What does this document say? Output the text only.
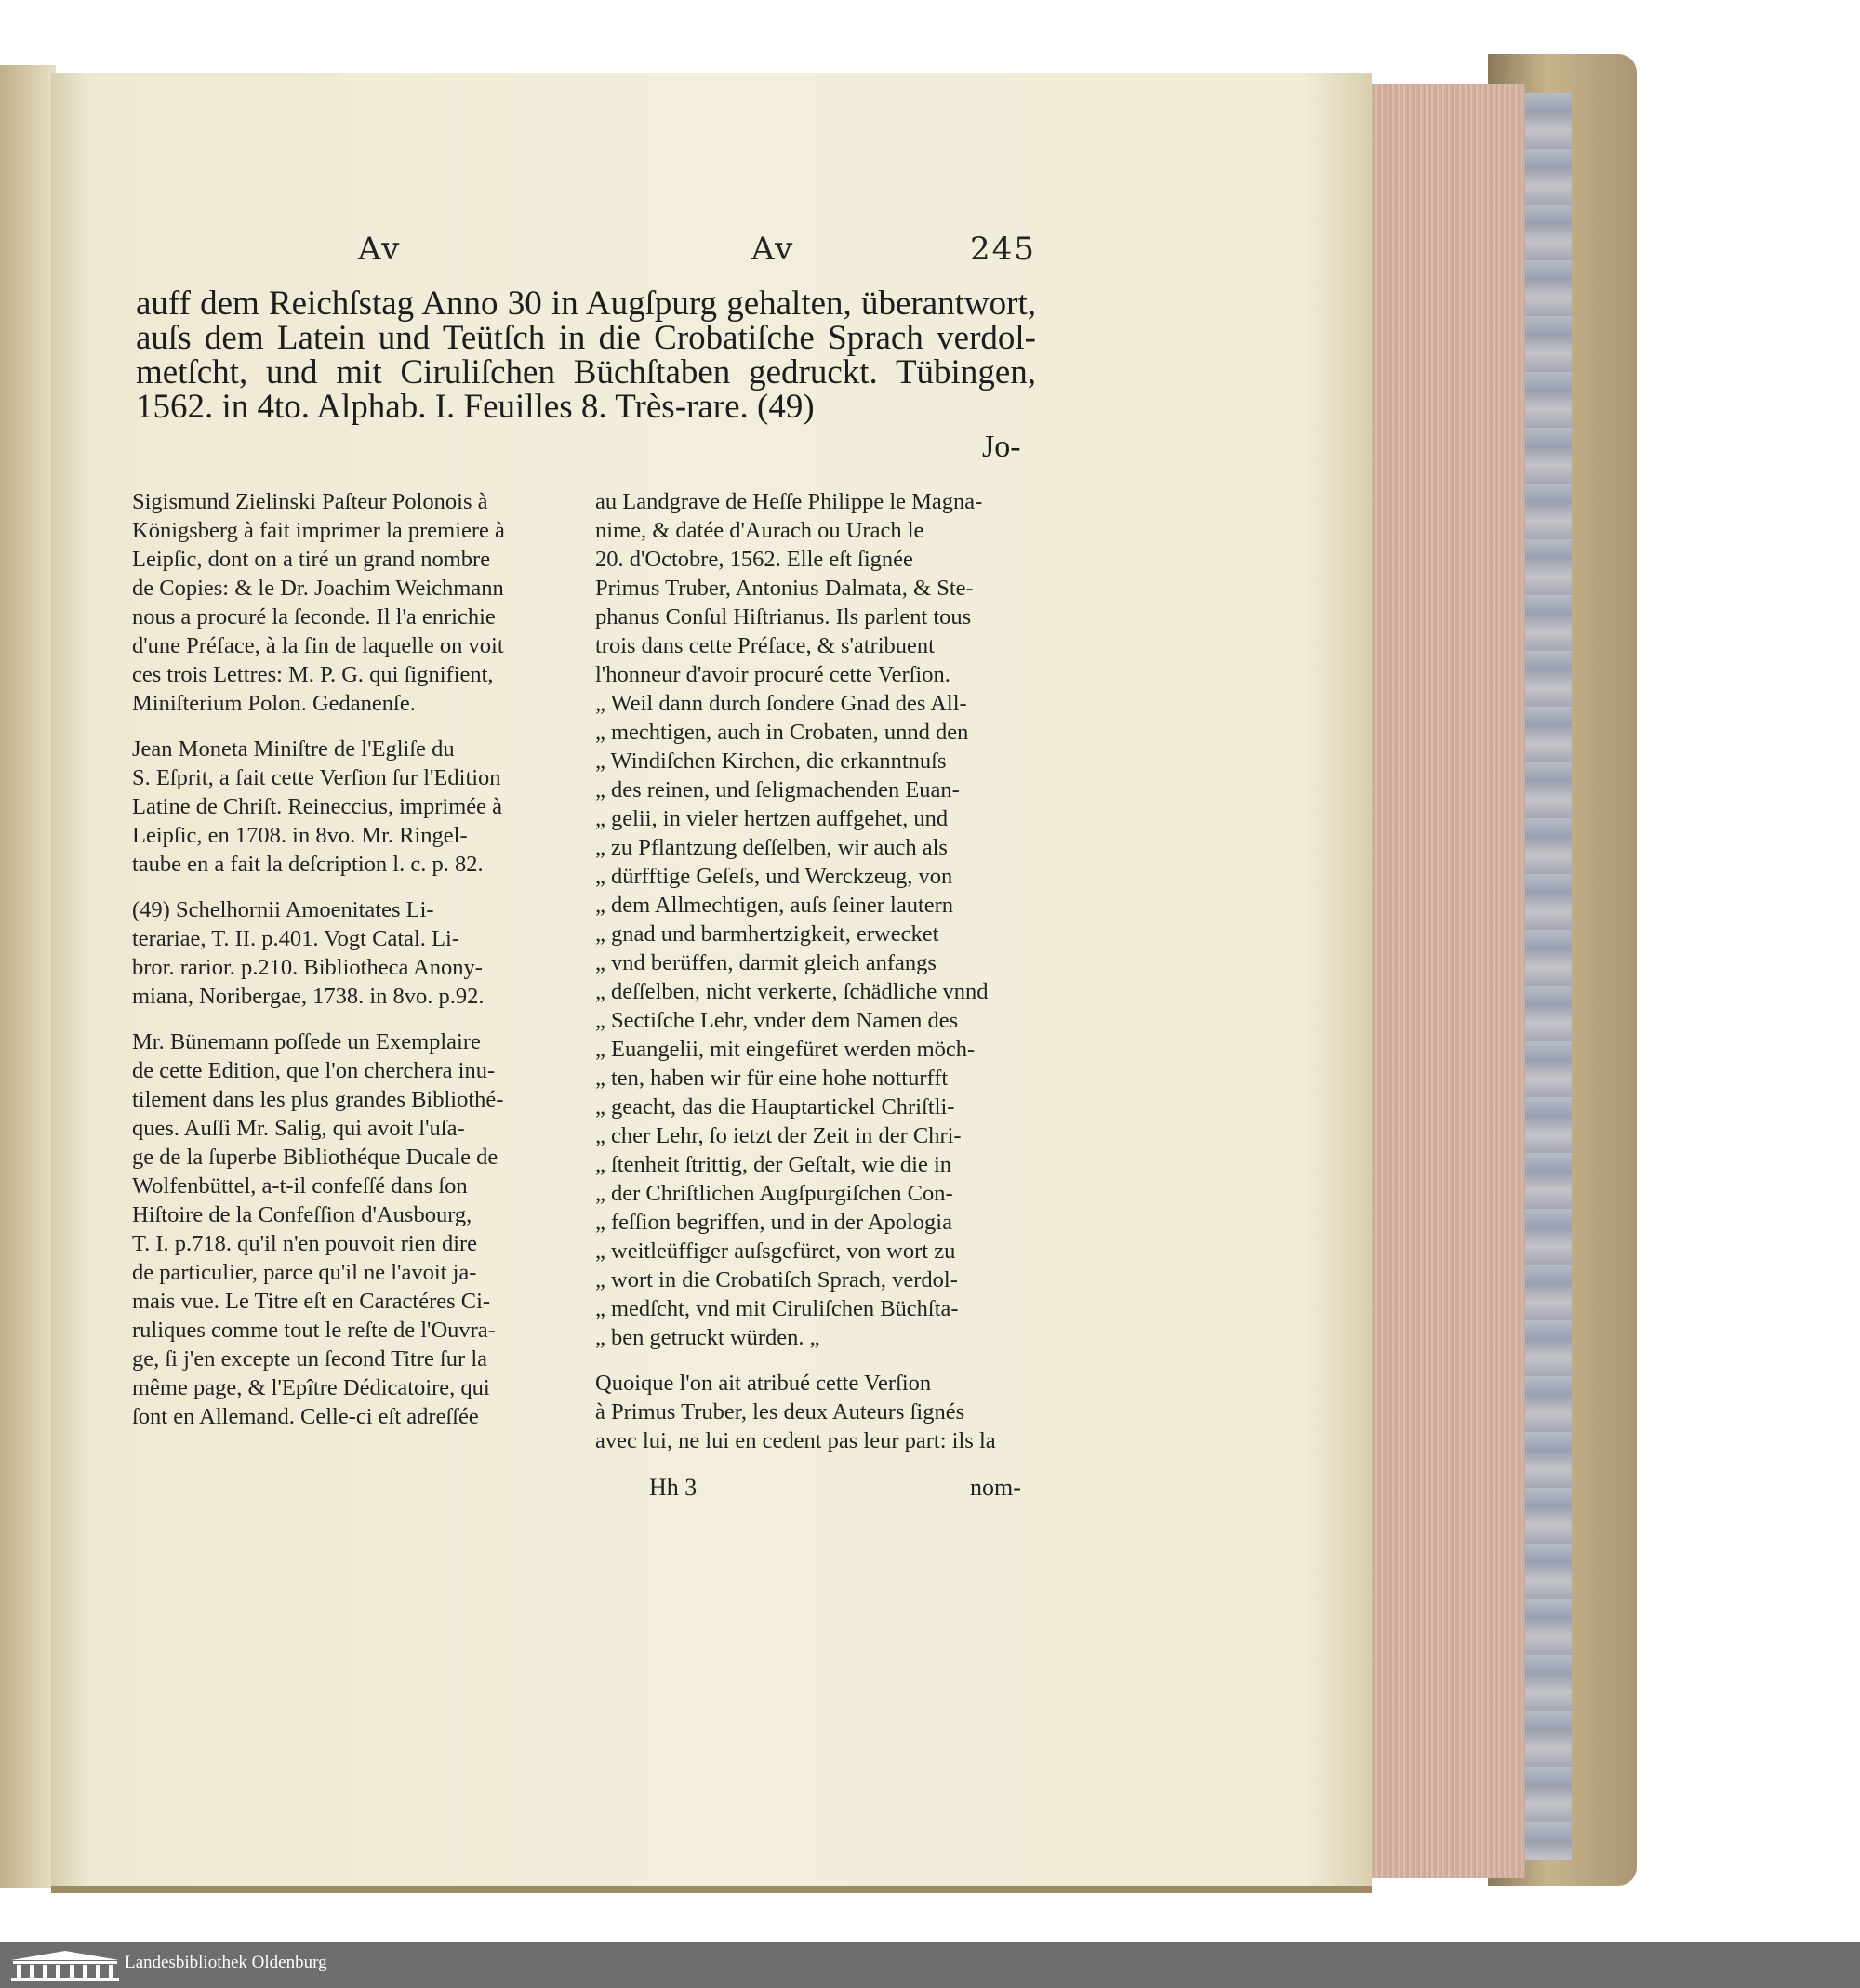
Av	Av	245
auff dem Reichſstag Anno 30 in Augſpurg gehalten, überantwort,
auſs dem Latein und Teütſch in die Crobatiſche Sprach verdol-
metſcht, und mit Ciruliſchen Büchſtaben gedruckt. Tübingen,
1562. in 4to. Alphab. I. Feuilles 8. Très-rare. (49)
Jo-
Sigismund Zielinski Paſteur Polonois à
Königsberg à fait imprimer la premiere à
Leipſic, dont on a tiré un grand nombre
de Copies: & le Dr. Joachim Weichmann
nous a procuré la ſeconde. Il l'a enrichie
d'une Préface, à la fin de laquelle on voit
ces trois Lettres: M. P. G. qui ſignifient,
Miniſterium Polon. Gedanenſe.
Jean Moneta Miniſtre de l'Egliſe du
S. Eſprit, a fait cette Verſion ſur l'Edition
Latine de Chriſt. Reineccius, imprimée à
Leipſic, en 1708. in 8vo. Mr. Ringel-
taube en a fait la deſcription l. c. p. 82.
(49) Schelhornii Amoenitates Li-
terariae, T. II. p.401. Vogt Catal. Li-
bror. rarior. p.210. Bibliotheca Anony-
miana, Noribergae, 1738. in 8vo. p.92.
Mr. Bünemann poſſede un Exemplaire
de cette Edition, que l'on cherchera inu-
tilement dans les plus grandes Bibliothé-
ques. Auſſi Mr. Salig, qui avoit l'uſa-
ge de la ſuperbe Bibliothéque Ducale de
Wolfenbüttel, a-t-il confeſſé dans ſon
Hiſtoire de la Confeſſion d'Ausbourg,
T. I. p.718. qu'il n'en pouvoit rien dire
de particulier, parce qu'il ne l'avoit ja-
mais vue. Le Titre eſt en Caractéres Ci-
ruliques comme tout le reſte de l'Ouvra-
ge, ſi j'en excepte un ſecond Titre ſur la
même page, & l'Epître Dédicatoire, qui
ſont en Allemand. Celle-ci eſt adreſſée
au Landgrave de Heſſe Philippe le Magna-
nime, & datée d'Aurach ou Urach le
20. d'Octobre, 1562. Elle eſt ſignée
Primus Truber, Antonius Dalmata, & Ste-
phanus Conſul Hiſtrianus. Ils parlent tous
trois dans cette Préface, & s'atribuent
l'honneur d'avoir procuré cette Verſion.
„ Weil dann durch ſondere Gnad des All-
„ mechtigen, auch in Crobaten, unnd den
„ Windiſchen Kirchen, die erkanntnuſs
„ des reinen, und ſeligmachenden Euan-
„ gelii, in vieler hertzen auffgehet, und
„ zu Pflantzung deſſelben, wir auch als
„ dürfftige Geſeſs, und Werckzeug, von
„ dem Allmechtigen, auſs ſeiner lautern
„ gnad und barmhertzigkeit, erwecket
„ vnd berüffen, darmit gleich anfangs
„ deſſelben, nicht verkerte, ſchädliche vnnd
„ Sectiſche Lehr, vnder dem Namen des
„ Euangelii, mit eingefüret werden möch-
„ ten, haben wir für eine hohe notturfft
„ geacht, das die Hauptartickel Chriſtli-
„ cher Lehr, ſo ietzt der Zeit in der Chri-
„ ſtenheit ſtrittig, der Geſtalt, wie die in
„ der Chriſtlichen Augſpurgiſchen Con-
„ feſſion begriffen, und in der Apologia
„ weitleüffiger auſsgefüret, von wort zu
„ wort in die Crobatiſch Sprach, verdol-
„ medſcht, vnd mit Ciruliſchen Büchſta-
„ ben getruckt würden. „
Quoique l'on ait atribué cette Verſion
à Primus Truber, les deux Auteurs ſignés
avec lui, ne lui en cedent pas leur part: ils la
Hh 3	nom-
Landesbibliothek Oldenburg
